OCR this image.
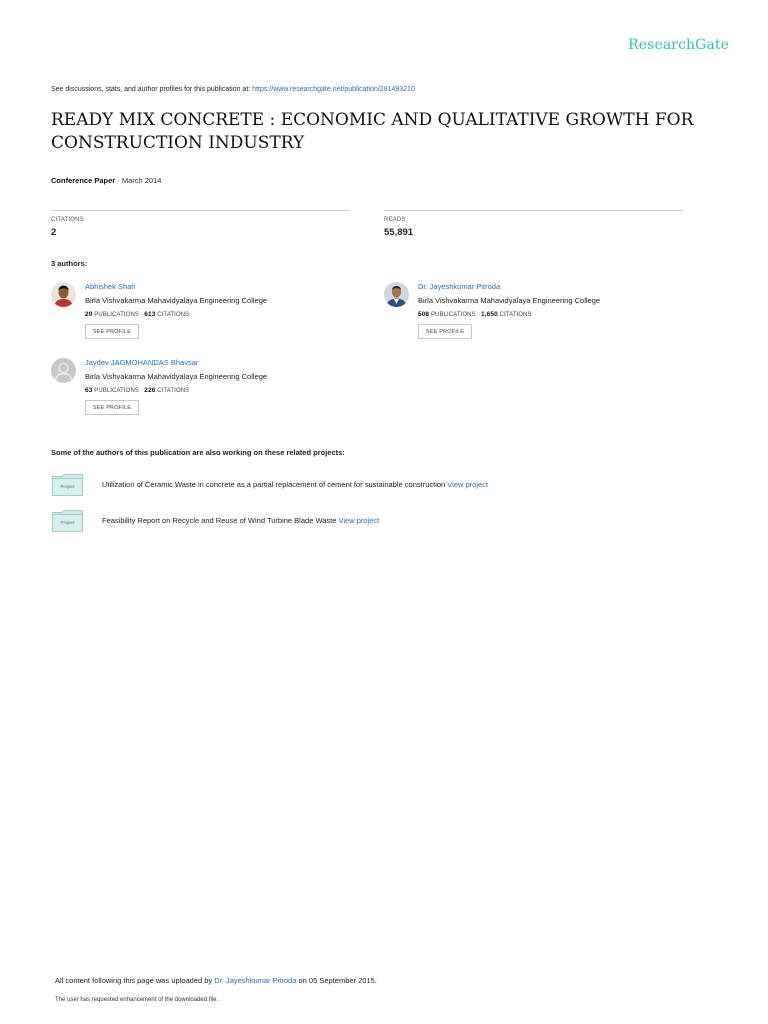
ResearchGate
See discussions, stats, and author profiles for this publication at: https://www.researchgate.net/publication/281493210
READY MIX CONCRETE : ECONOMIC AND QUALITATIVE GROWTH FOR CONSTRUCTION INDUSTRY
Conference Paper · March 2014
CITATIONS
2
READS
55,891
3 authors:
Abhishek Shah
Birla Vishvakarma Mahavidyalaya Engineering College
29 PUBLICATIONS 613 CITATIONS
SEE PROFILE
Dr. Jayeshkumar Pitroda
Birla Vishvakarma Mahavidyalaya Engineering College
508 PUBLICATIONS 1,650 CITATIONS
SEE PROFILE
Jaydev JAGMOHANDAS Bhavsar
Birla Vishvakarma Mahavidyalaya Engineering College
63 PUBLICATIONS 226 CITATIONS
SEE PROFILE
Some of the authors of this publication are also working on these related projects:
Project	Utilization of Ceramic Waste in concrete as a partial replacement of cement for sustainable construction View project
Project	Feasibility Report on Recycle and Reuse of Wind Turbine Blade Waste View project
All content following this page was uploaded by Dr. Jayeshkumar Pitroda on 05 September 2015.
The user has requested enhancement of the downloaded file.
